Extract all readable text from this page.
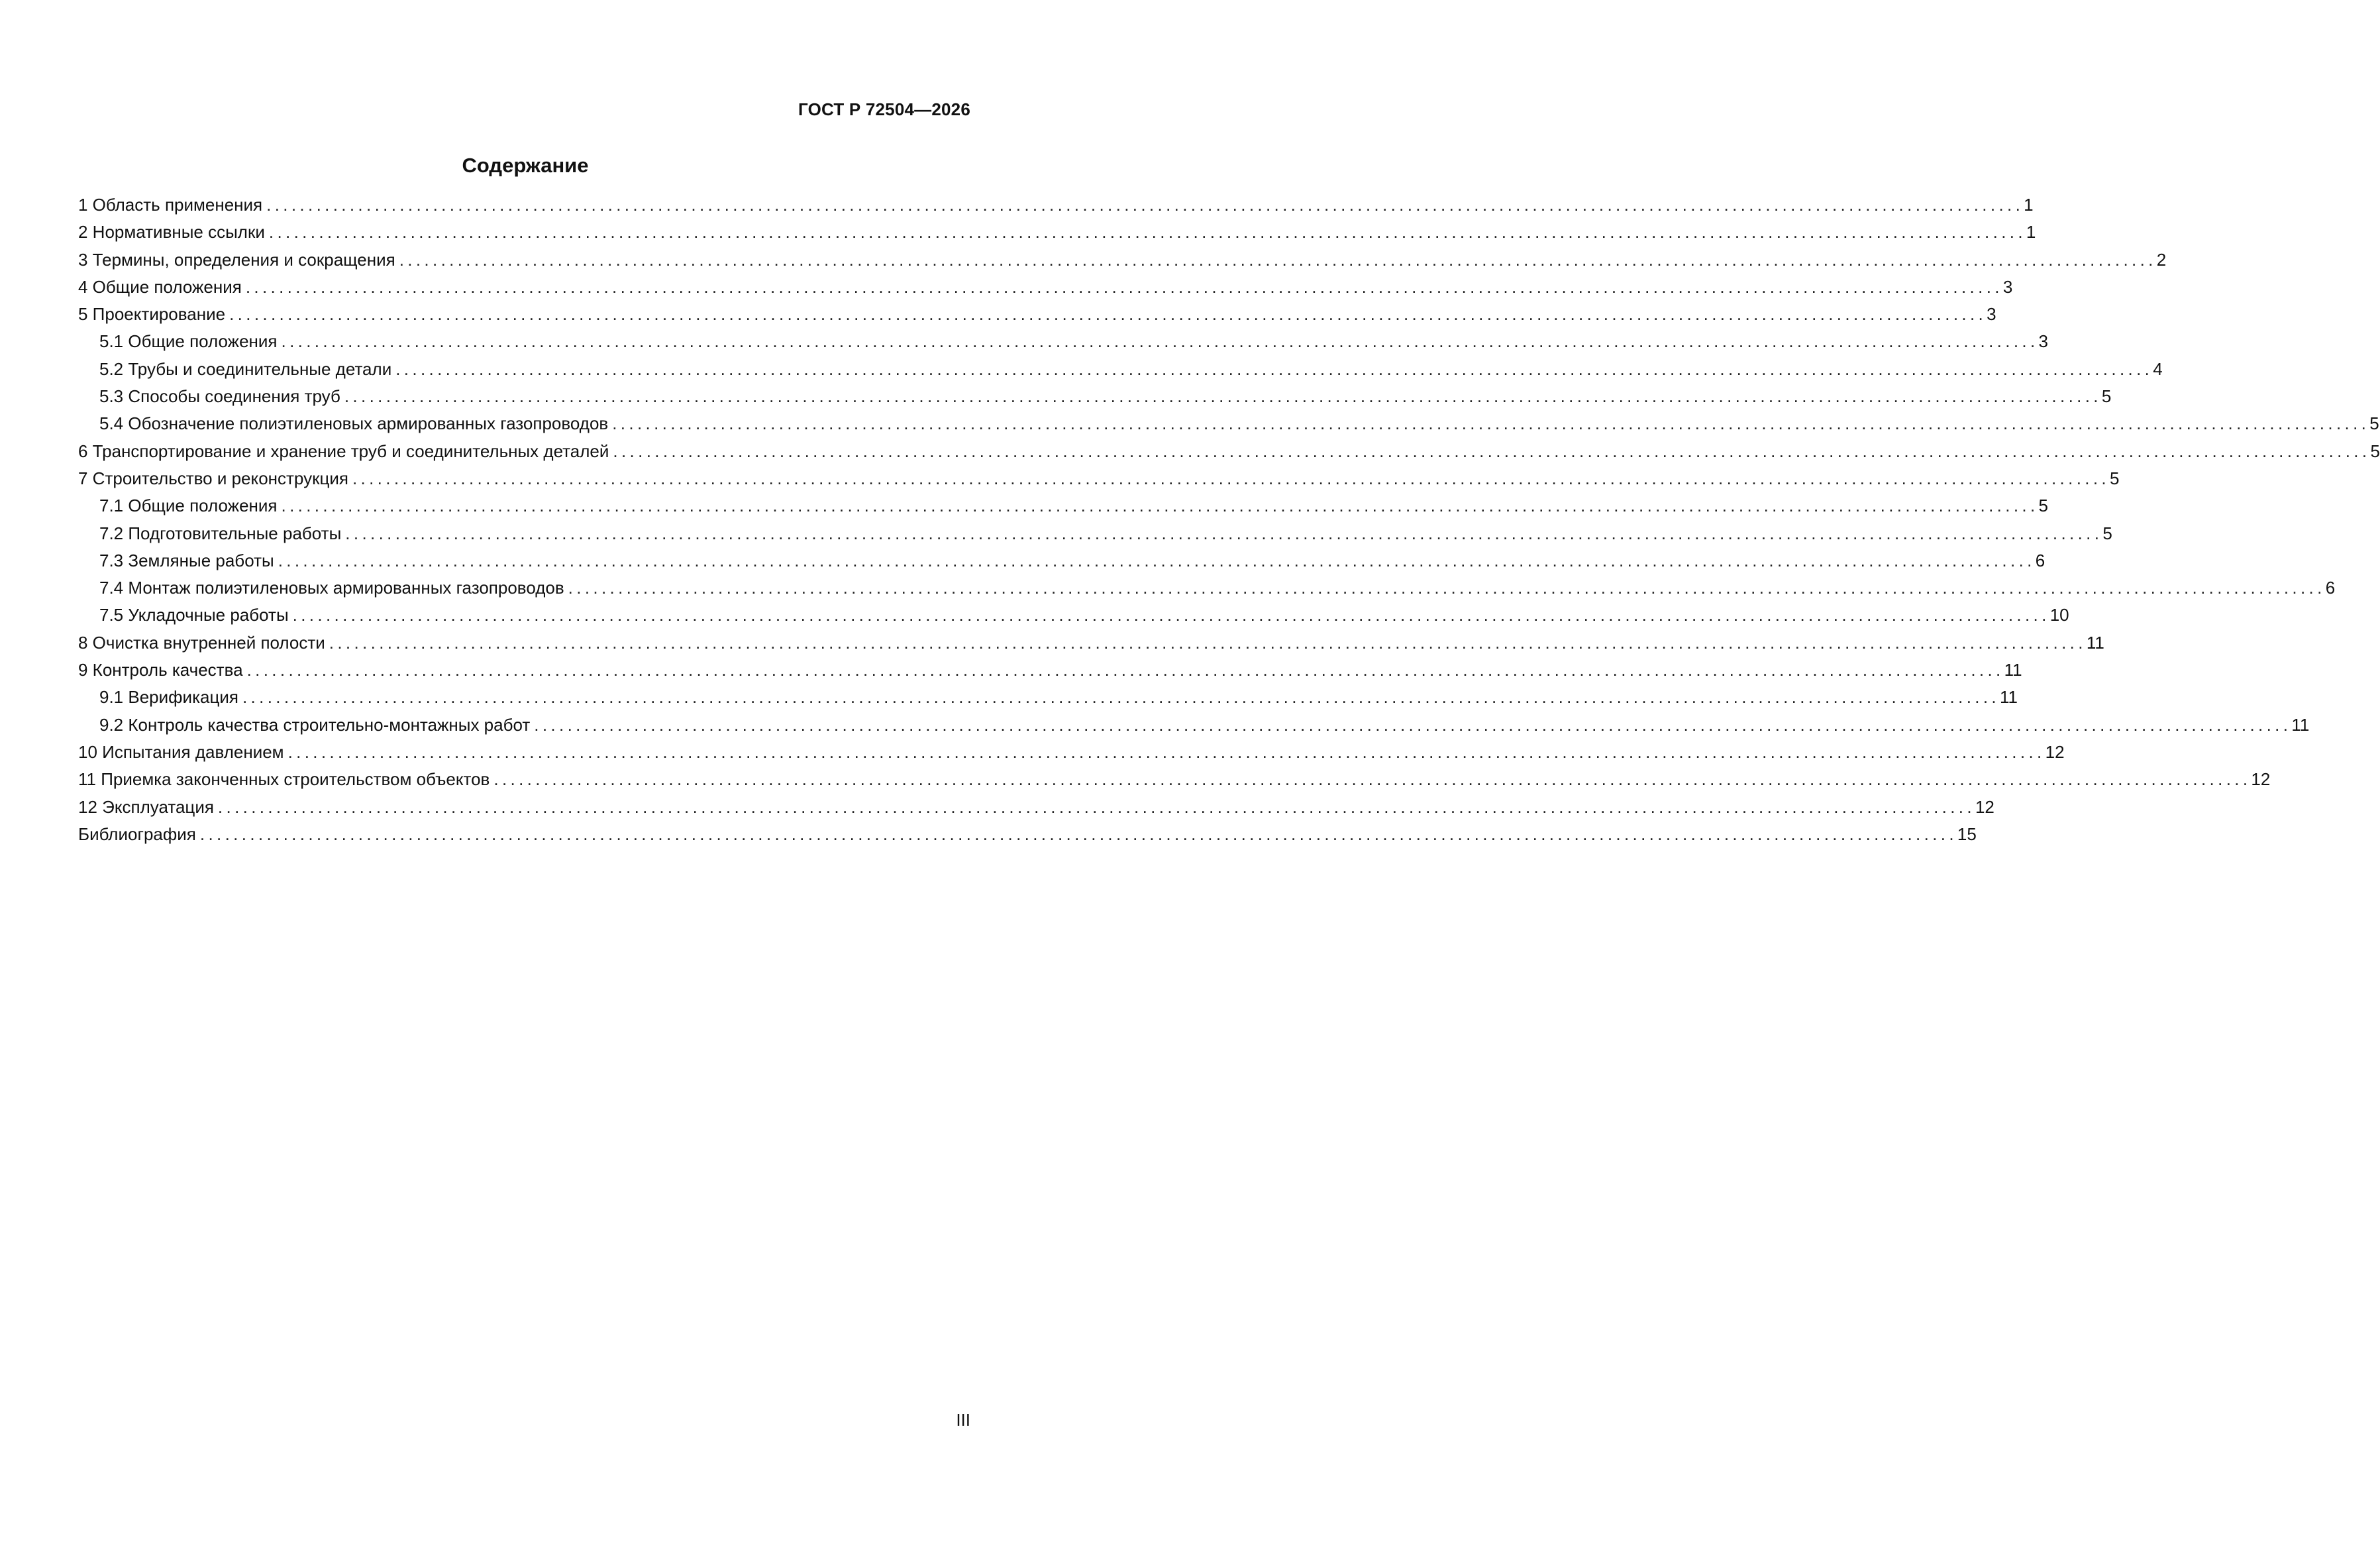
ГОСТ Р 72504—2026
Содержание
1 Область применения ................................................................................................................................................................................................................... 1
2 Нормативные ссылки ................................................................................................................................................................................................................... 1
3 Термины, определения и сокращения ................................................................................................................................................................................................................... 2
4 Общие положения ................................................................................................................................................................................................................... 3
5 Проектирование ................................................................................................................................................................................................................... 3
5.1 Общие положения ................................................................................................................................................................................................................... 3
5.2 Трубы и соединительные детали ................................................................................................................................................................................................................... 4
5.3 Способы соединения труб ................................................................................................................................................................................................................... 5
5.4 Обозначение полиэтиленовых армированных газопроводов ................................................................................................................................................................................................................... 5
6 Транспортирование и хранение труб и соединительных деталей ................................................................................................................................................................................................................... 5
7 Строительство и реконструкция ................................................................................................................................................................................................................... 5
7.1 Общие положения ................................................................................................................................................................................................................... 5
7.2 Подготовительные работы ................................................................................................................................................................................................................... 5
7.3 Земляные работы ................................................................................................................................................................................................................... 6
7.4 Монтаж полиэтиленовых армированных газопроводов ................................................................................................................................................................................................................... 6
7.5 Укладочные работы ................................................................................................................................................................................................................... 10
8 Очистка внутренней полости ................................................................................................................................................................................................................... 11
9 Контроль качества ................................................................................................................................................................................................................... 11
9.1 Верификация ................................................................................................................................................................................................................... 11
9.2 Контроль качества строительно-монтажных работ ................................................................................................................................................................................................................... 11
10 Испытания давлением ................................................................................................................................................................................................................... 12
11 Приемка законченных строительством объектов ................................................................................................................................................................................................................... 12
12 Эксплуатация ................................................................................................................................................................................................................... 12
Библиография ................................................................................................................................................................................................................... 15
III
